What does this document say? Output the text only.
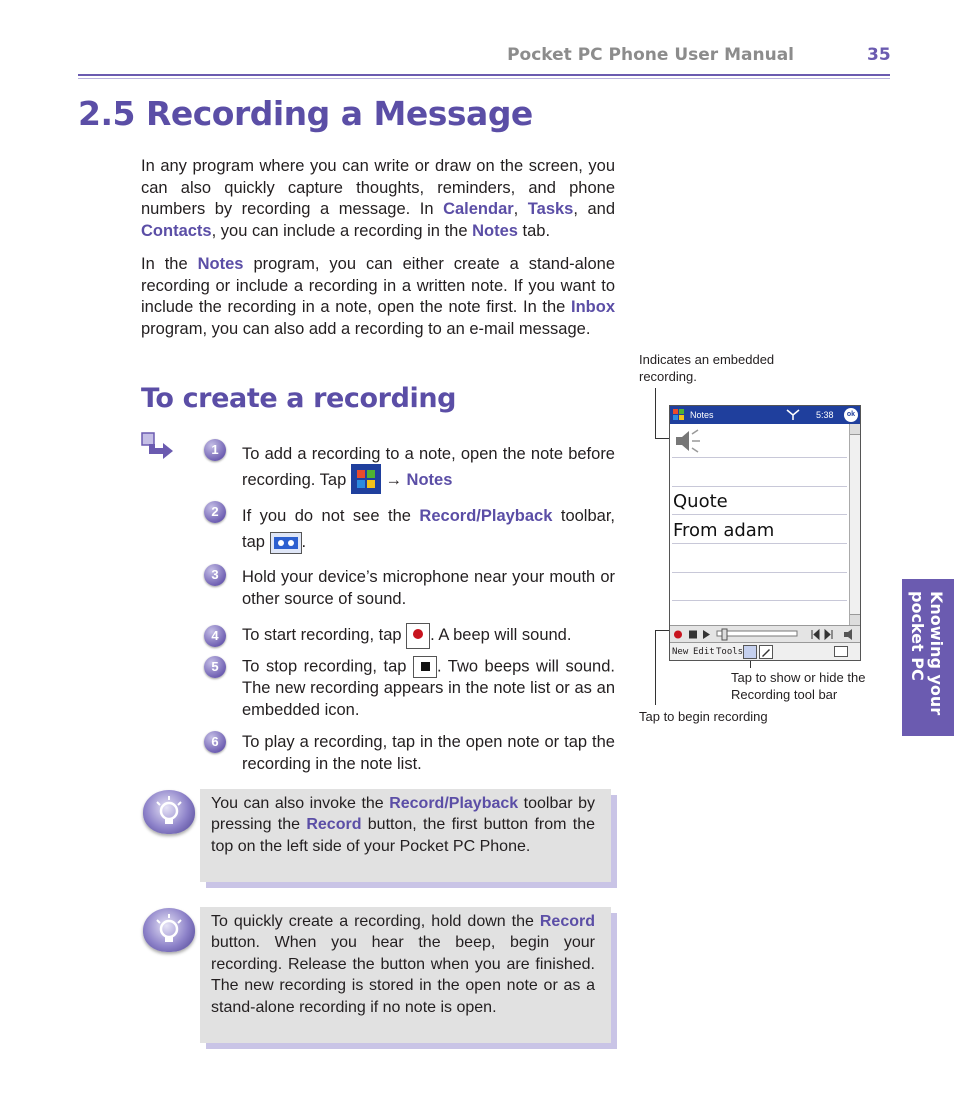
Pocket PC Phone User Manual	35
2.5 Recording a Message

In any program where you can write or draw on the screen, you can also quickly capture thoughts, reminders, and phone numbers by recording a message. In Calendar, Tasks, and Contacts, you can include a recording in the Notes tab.

In the Notes program, you can either create a stand-alone recording or include a recording in a written note. If you want to include the recording in a note, open the note first. In the Inbox program, you can also add a recording to an e-mail message.

To create a recording
1	To add a recording to a note, open the note before recording. Tap  → Notes

2	If you do not see the Record/Playback toolbar, tap .

3	Hold your device’s microphone near your mouth or other source of sound.

4	To start recording, tap . A beep will sound.

5	To stop recording, tap . Two beeps will sound. The new recording appears in the note list or as an embedded icon.

6	To play a recording, tap in the open note or tap the recording in the note list.

You can also invoke the Record/Playback toolbar by pressing the Record button, the first button from the top on the left side of your Pocket PC Phone.
To quickly create a recording, hold down the Record button. When you hear the beep, begin your recording. Release the button when you are finished. The new recording is stored in the open note or as a stand-alone recording if no note is open.
Knowing your
pocket PC
Indicates an embedded recording.
Tap to show or hide the Recording tool bar
Tap to begin recording
Notes	5:38	ok
Quote
From adam
New Edit Tools
